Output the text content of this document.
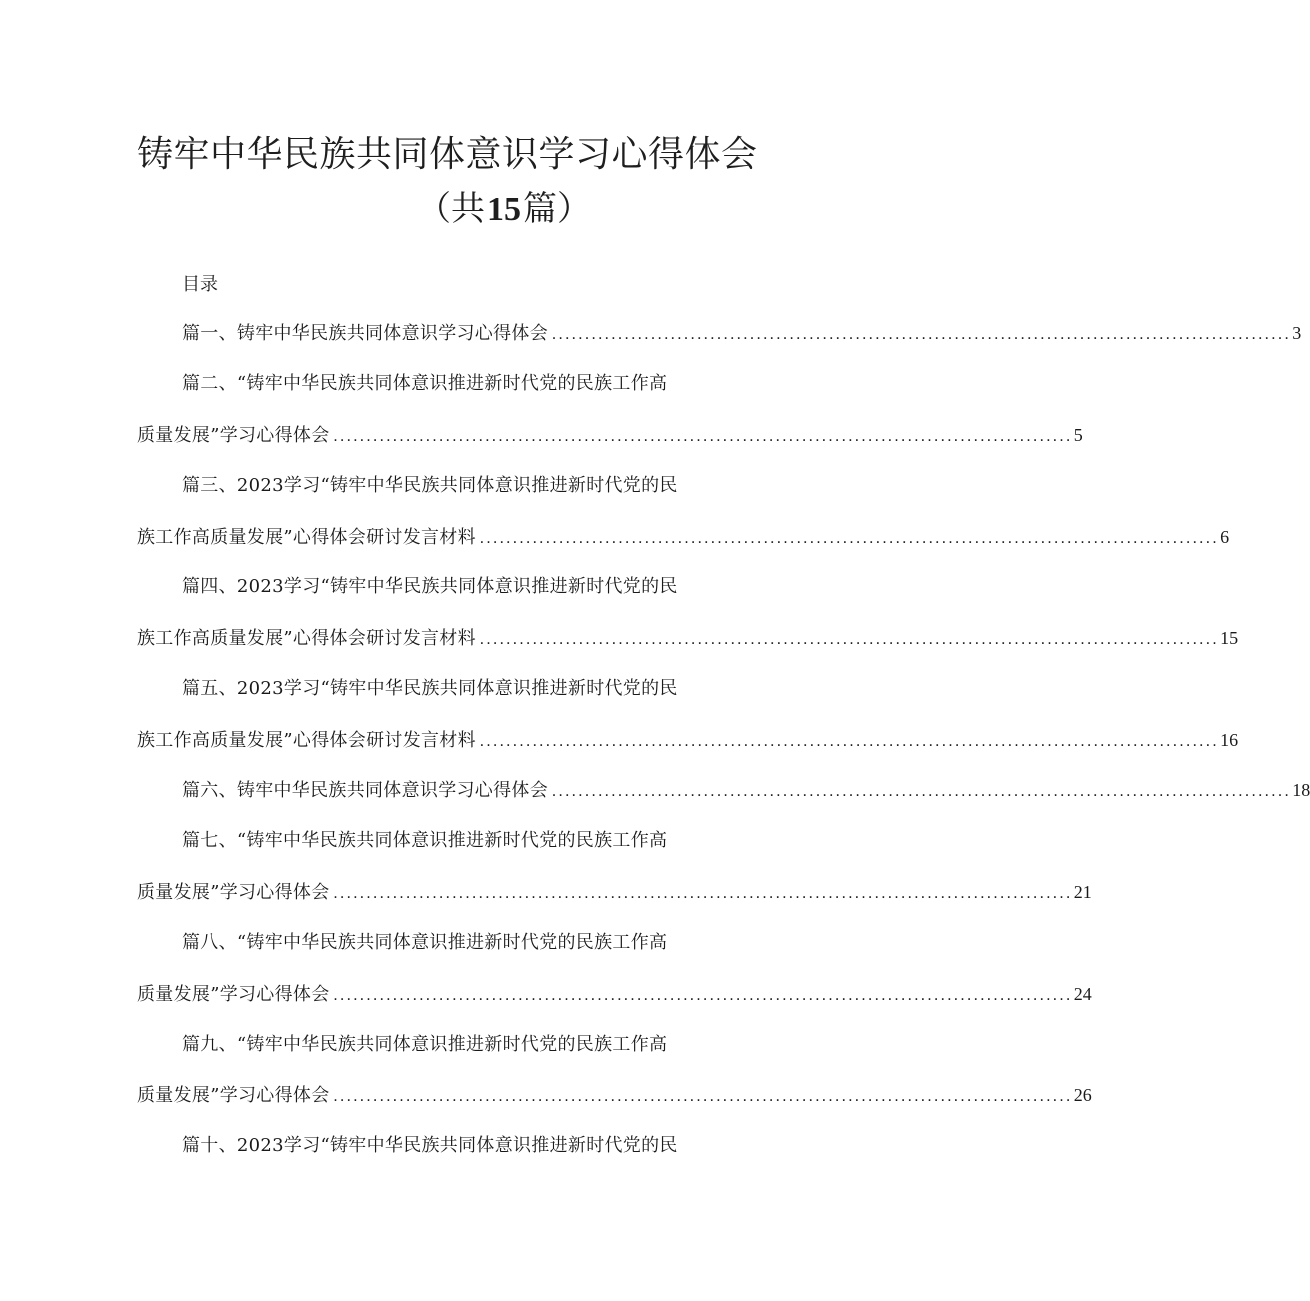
铸牢中华民族共同体意识学习心得体会
（共15篇）
目录
篇一、铸牢中华民族共同体意识学习心得体会 ................................................................................................................ 3
篇二、“铸牢中华民族共同体意识推进新时代党的民族工作高
质量发展”学习心得体会 ................................................................................................................ 5
篇三、2023学习“铸牢中华民族共同体意识推进新时代党的民
族工作高质量发展”心得体会研讨发言材料 ................................................................................................................ 6
篇四、2023学习“铸牢中华民族共同体意识推进新时代党的民
族工作高质量发展”心得体会研讨发言材料 ................................................................................................................ 15
篇五、2023学习“铸牢中华民族共同体意识推进新时代党的民
族工作高质量发展”心得体会研讨发言材料 ................................................................................................................ 16
篇六、铸牢中华民族共同体意识学习心得体会 ................................................................................................................ 18
篇七、“铸牢中华民族共同体意识推进新时代党的民族工作高
质量发展”学习心得体会 ................................................................................................................ 21
篇八、“铸牢中华民族共同体意识推进新时代党的民族工作高
质量发展”学习心得体会 ................................................................................................................ 24
篇九、“铸牢中华民族共同体意识推进新时代党的民族工作高
质量发展”学习心得体会 ................................................................................................................ 26
篇十、2023学习“铸牢中华民族共同体意识推进新时代党的民
